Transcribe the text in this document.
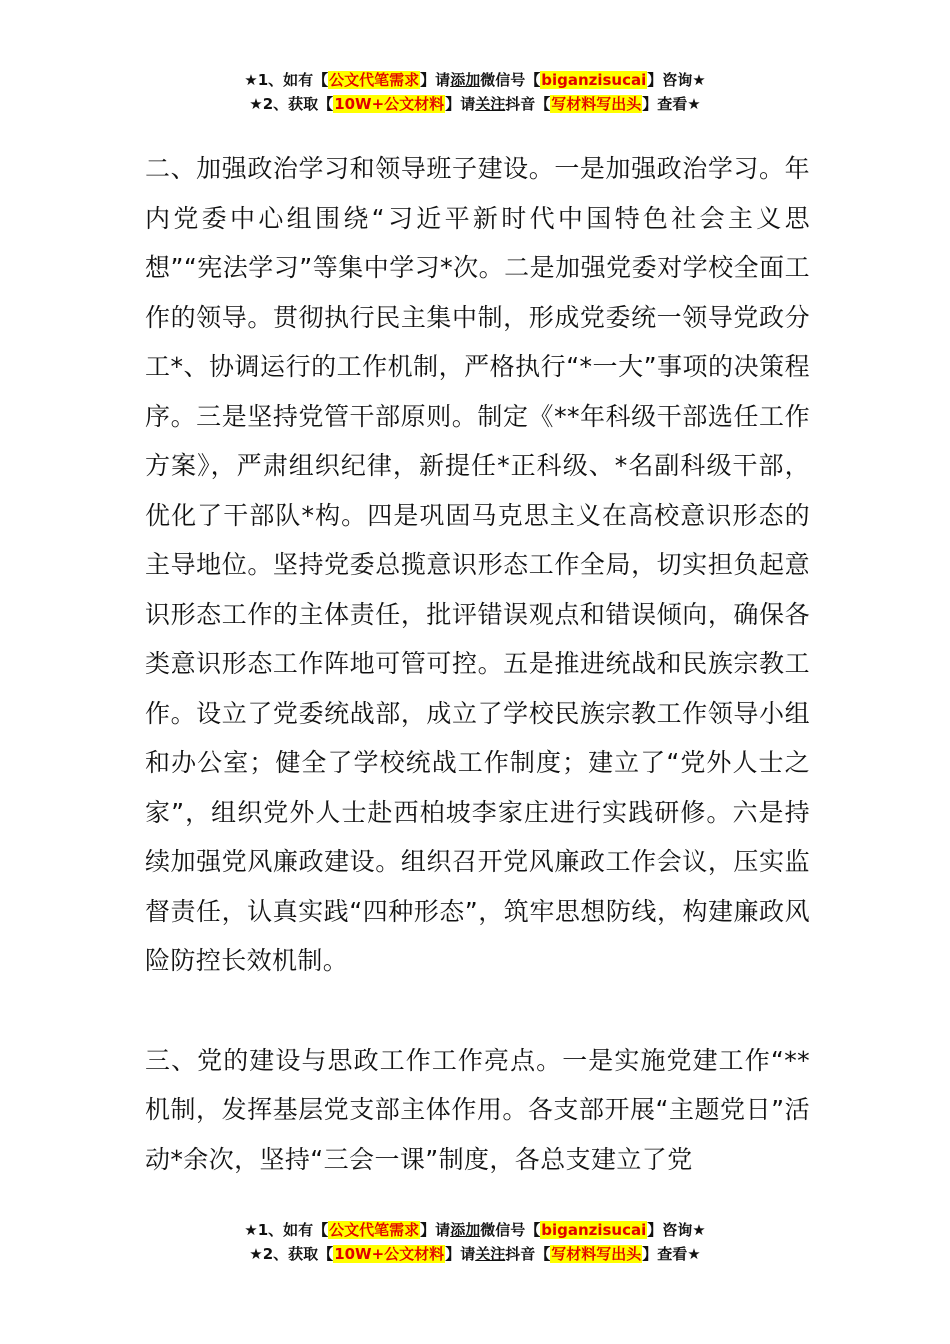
★1、如有【公文代笔需求】请添加微信号【biganzisucai】咨询★
★2、获取【10W+公文材料】请关注抖音【写材料写出头】查看★

二、加强政治学习和领导班子建设。一是加强政治学习。年内党委中心组围绕“习近平新时代中国特色社会主义思想”“宪法学习”等集中学习*次。二是加强党委对学校全面工作的领导。贯彻执行民主集中制，形成党委统一领导党政分工*、协调运行的工作机制，严格执行“*一大”事项的决策程序。三是坚持党管干部原则。制定《**年科级干部选任工作方案》，严肃组织纪律，新提任*正科级、*名副科级干部，优化了干部队*构。四是巩固马克思主义在高校意识形态的主导地位。坚持党委总揽意识形态工作全局，切实担负起意识形态工作的主体责任，批评错误观点和错误倾向，确保各类意识形态工作阵地可管可控。五是推进统战和民族宗教工作。设立了党委统战部，成立了学校民族宗教工作领导小组和办公室；健全了学校统战工作制度；建立了“党外人士之家”，组织党外人士赴西柏坡李家庄进行实践研修。六是持续加强党风廉政建设。组织召开党风廉政工作会议，压实监督责任，认真实践“四种形态”，筑牢思想防线，构建廉政风险防控长效机制。

三、党的建设与思政工作工作亮点。一是实施党建工作“**机制，发挥基层党支部主体作用。各支部开展“主题党日”活动*余次，坚持“三会一课”制度，各总支建立了党

★1、如有【公文代笔需求】请添加微信号【biganzisucai】咨询★
★2、获取【10W+公文材料】请关注抖音【写材料写出头】查看★
